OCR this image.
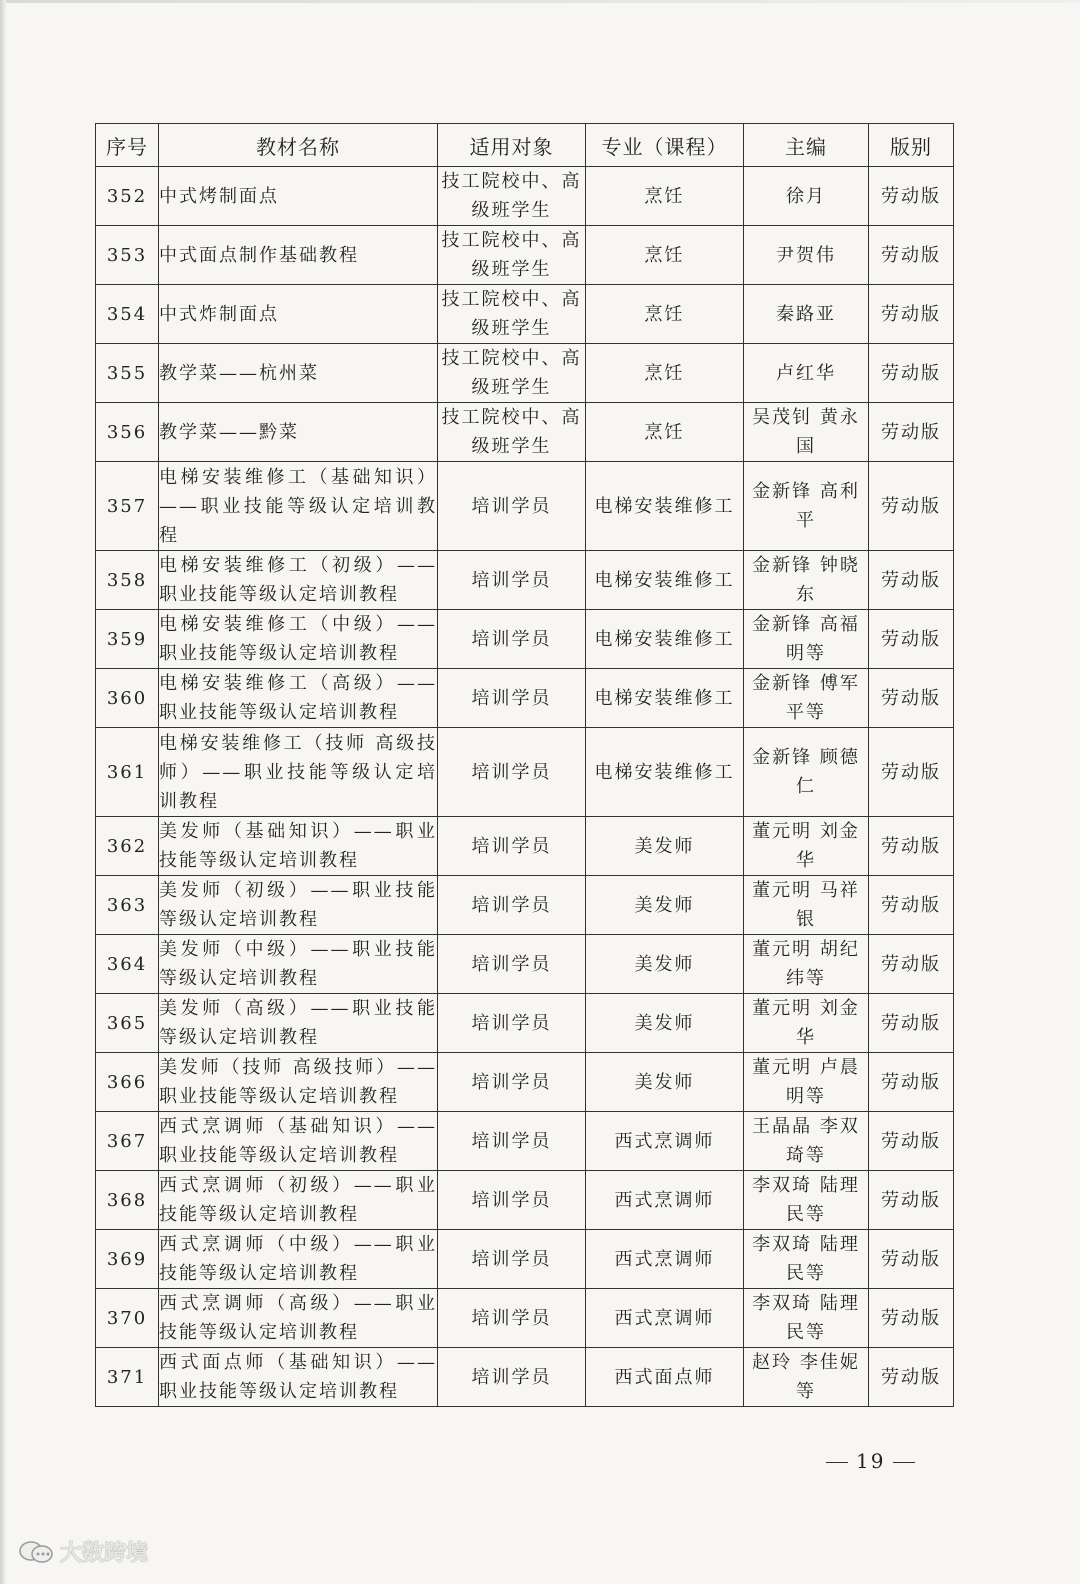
序号	教材名称	适用对象	专业（课程）	主编	版别
352	中式烤制面点	技工院校中、高级班学生	烹饪	徐月	劳动版
353	中式面点制作基础教程	技工院校中、高级班学生	烹饪	尹贺伟	劳动版
354	中式炸制面点	技工院校中、高级班学生	烹饪	秦路亚	劳动版
355	教学菜——杭州菜	技工院校中、高级班学生	烹饪	卢红华	劳动版
356	教学菜——黔菜	技工院校中、高级班学生	烹饪	吴茂钊 黄永国	劳动版
357	电梯安装维修工（基础知识）——职业技能等级认定培训教程	培训学员	电梯安装维修工	金新锋 高利平	劳动版
358	电梯安装维修工（初级）——职业技能等级认定培训教程	培训学员	电梯安装维修工	金新锋 钟晓东	劳动版
359	电梯安装维修工（中级）——职业技能等级认定培训教程	培训学员	电梯安装维修工	金新锋 高福明等	劳动版
360	电梯安装维修工（高级）——职业技能等级认定培训教程	培训学员	电梯安装维修工	金新锋 傅军平等	劳动版
361	电梯安装维修工（技师 高级技师）——职业技能等级认定培训教程	培训学员	电梯安装维修工	金新锋 顾德仁	劳动版
362	美发师（基础知识）——职业技能等级认定培训教程	培训学员	美发师	董元明 刘金华	劳动版
363	美发师（初级）——职业技能等级认定培训教程	培训学员	美发师	董元明 马祥银	劳动版
364	美发师（中级）——职业技能等级认定培训教程	培训学员	美发师	董元明 胡纪纬等	劳动版
365	美发师（高级）——职业技能等级认定培训教程	培训学员	美发师	董元明 刘金华	劳动版
366	美发师（技师 高级技师）——职业技能等级认定培训教程	培训学员	美发师	董元明 卢晨明等	劳动版
367	西式烹调师（基础知识）——职业技能等级认定培训教程	培训学员	西式烹调师	王晶晶 李双琦等	劳动版
368	西式烹调师（初级）——职业技能等级认定培训教程	培训学员	西式烹调师	李双琦 陆理民等	劳动版
369	西式烹调师（中级）——职业技能等级认定培训教程	培训学员	西式烹调师	李双琦 陆理民等	劳动版
370	西式烹调师（高级）——职业技能等级认定培训教程	培训学员	西式烹调师	李双琦 陆理民等	劳动版
371	西式面点师（基础知识）——职业技能等级认定培训教程	培训学员	西式面点师	赵玲 李佳妮等	劳动版
19
大数跨境
